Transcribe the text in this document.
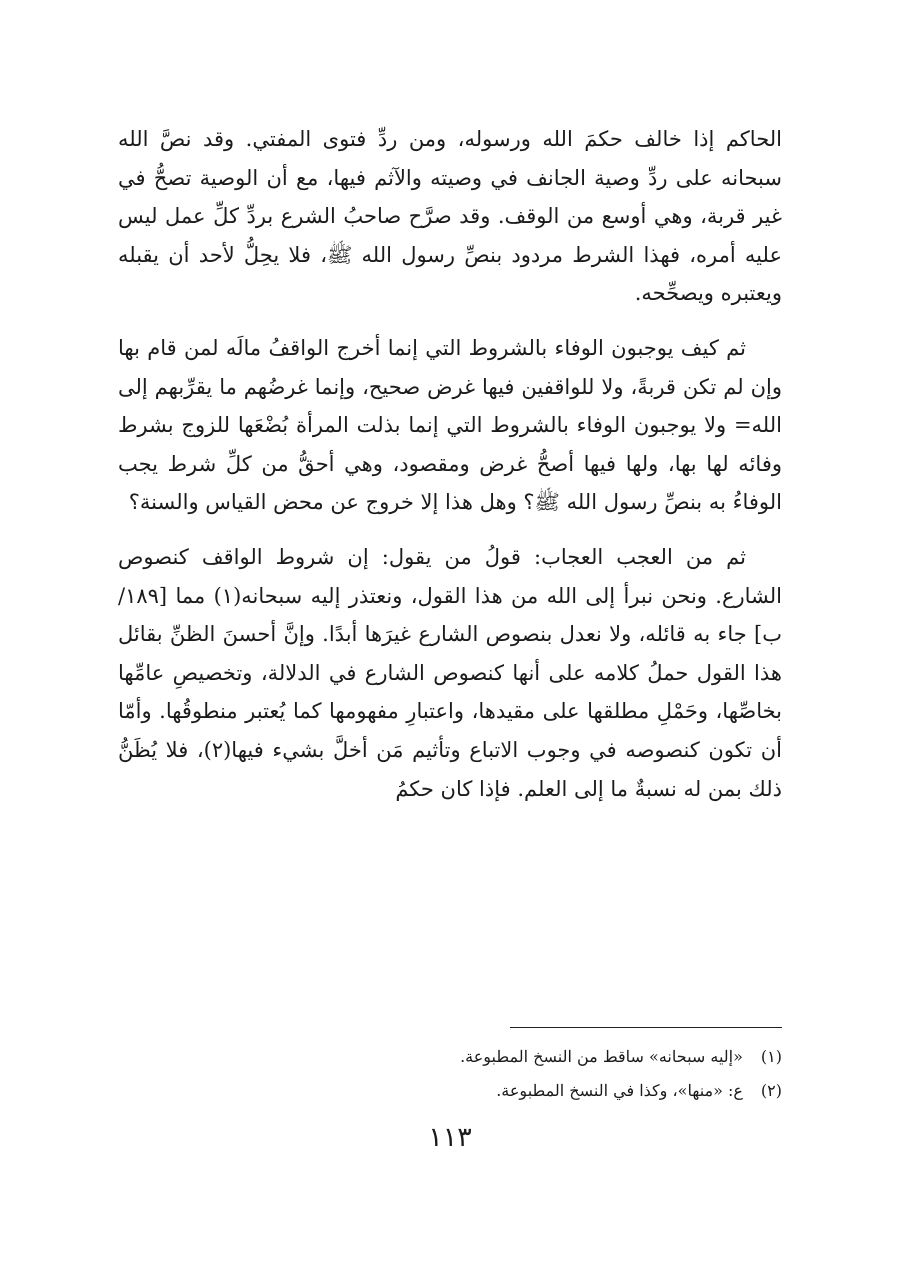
الحاكم إذا خالف حكمَ الله ورسوله، ومن ردِّ فتوى المفتي. وقد نصَّ الله سبحانه على ردِّ وصية الجانف في وصيته والآثم فيها، مع أن الوصية تصحُّ في غير قربة، وهي أوسع من الوقف. وقد صرَّح صاحبُ الشرع بردِّ كلِّ عمل ليس عليه أمره، فهذا الشرط مردود بنصِّ رسول الله ﷺ، فلا يحِلُّ لأحد أن يقبله ويعتبره ويصحِّحه.

ثم كيف يوجبون الوفاء بالشروط التي إنما أخرج الواقفُ مالَه لمن قام بها وإن لم تكن قربةً، ولا للواقفين فيها غرض صحيح، وإنما غرضُهم ما يقرِّبهم إلى الله= ولا يوجبون الوفاء بالشروط التي إنما بذلت المرأة بُضْعَها للزوج بشرط وفائه لها بها، ولها فيها أصحُّ غرض ومقصود، وهي أحقُّ من كلِّ شرط يجب الوفاءُ به بنصِّ رسول الله ﷺ؟ وهل هذا إلا خروج عن محض القياس والسنة؟

ثم من العجب العجاب: قولُ من يقول: إن شروط الواقف كنصوص الشارع. ونحن نبرأ إلى الله من هذا القول، ونعتذر إليه سبحانه(١) مما [١٨٩/ ب] جاء به قائله، ولا نعدل بنصوص الشارع غيرَها أبدًا. وإنَّ أحسنَ الظنِّ بقائل هذا القول حملُ كلامه على أنها كنصوص الشارع في الدلالة، وتخصيصِ عامِّها بخاصِّها، وحَمْلِ مطلقها على مقيدها، واعتبارِ مفهومها كما يُعتبر منطوقُها. وأمّا أن تكون كنصوصه في وجوب الاتباع وتأثيم مَن أخلَّ بشيء فيها(٢)، فلا يُظَنُّ ذلك بمن له نسبةٌ ما إلى العلم. فإذا كان حكمُ

(١) «إليه سبحانه» ساقط من النسخ المطبوعة.
(٢) ع: «منها»، وكذا في النسخ المطبوعة.
١١٣
